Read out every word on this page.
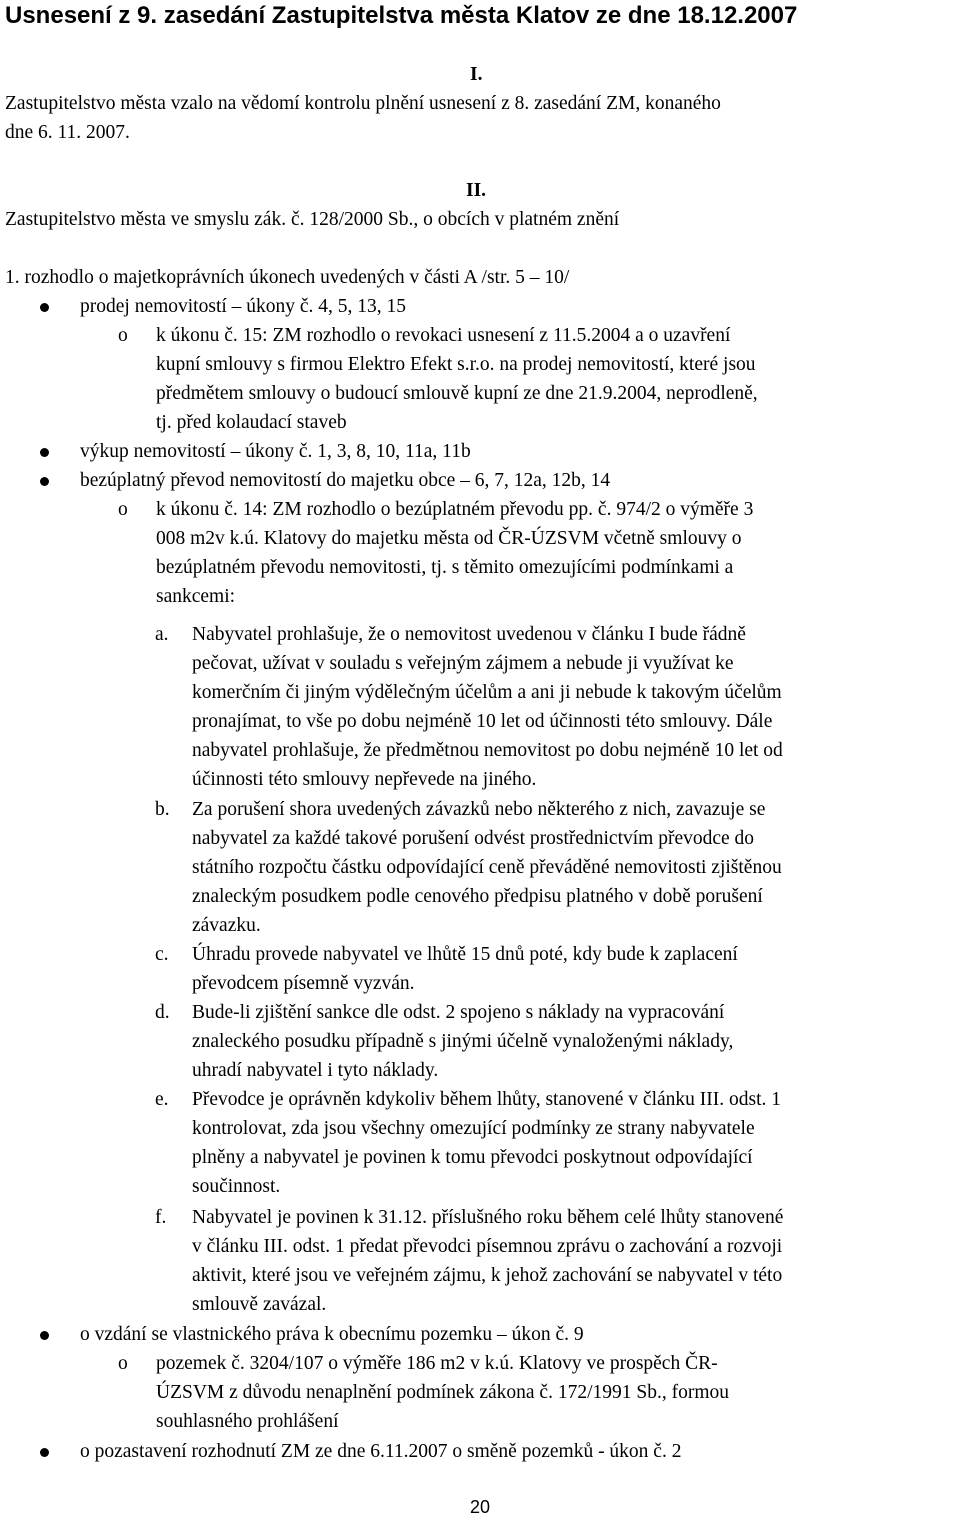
Usnesení z 9. zasedání Zastupitelstva města Klatov ze dne 18.12.2007
I.
Zastupitelstvo města vzalo na vědomí kontrolu plnění usnesení z 8. zasedání ZM, konaného
dne 6. 11. 2007.
II.
Zastupitelstvo města ve smyslu zák. č. 128/2000 Sb., o obcích v platném znění
1. rozhodlo o majetkoprávních úkonech uvedených v části A /str. 5 – 10/
prodej nemovitostí – úkony č. 4, 5, 13, 15
o k úkonu č. 15: ZM rozhodlo o revokaci usnesení z 11.5.2004 a o uzavření
kupní smlouvy s firmou Elektro Efekt s.r.o. na prodej nemovitostí, které jsou
předmětem smlouvy o budoucí smlouvě kupní ze dne 21.9.2004, neprodleně,
tj. před kolaudací staveb
výkup nemovitostí – úkony č. 1, 3, 8, 10, 11a, 11b
bezúplatný převod nemovitostí do majetku obce – 6, 7, 12a, 12b, 14
o k úkonu č. 14: ZM rozhodlo o bezúplatném převodu pp. č. 974/2 o výměře 3
008 m2v k.ú. Klatovy do majetku města od ČR-ÚZSVM včetně smlouvy o
bezúplatném převodu nemovitosti, tj. s těmito omezujícími podmínkami a
sankcemi:
a. Nabyvatel prohlašuje, že o nemovitost uvedenou v článku I bude řádně
pečovat, užívat v souladu s veřejným zájmem a nebude ji využívat ke
komerčním či jiným výdělečným účelům a ani ji nebude k takovým účelům
pronajímat, to vše po dobu nejméně 10 let od účinnosti této smlouvy. Dále
nabyvatel prohlašuje, že předmětnou nemovitost po dobu nejméně 10 let od
účinnosti této smlouvy nepřevede na jiného.
b. Za porušení shora uvedených závazků nebo některého z nich, zavazuje se
nabyvatel za každé takové porušení odvést prostřednictvím převodce do
státního rozpočtu částku odpovídající ceně převáděné nemovitosti zjištěnou
znaleckým posudkem podle cenového předpisu platného v době porušení
závazku.
c. Úhradu provede nabyvatel ve lhůtě 15 dnů poté, kdy bude k zaplacení
převodcem písemně vyzván.
d. Bude-li zjištění sankce dle odst. 2 spojeno s náklady na vypracování
znaleckého posudku případně s jinými účelně vynaloženými náklady,
uhradí nabyvatel i tyto náklady.
e. Převodce je oprávněn kdykoliv během lhůty, stanovené v článku III. odst. 1
kontrolovat, zda jsou všechny omezující podmínky ze strany nabyvatele
plněny a nabyvatel je povinen k tomu převodci poskytnout odpovídající
součinnost.
f. Nabyvatel je povinen k 31.12. příslušného roku během celé lhůty stanovené
v článku III. odst. 1 předat převodci písemnou zprávu o zachování a rozvoji
aktivit, které jsou ve veřejném zájmu, k jehož zachování se nabyvatel v této
smlouvě zavázal.
o vzdání se vlastnického práva k obecnímu pozemku – úkon č. 9
o pozemek č. 3204/107 o výměře 186 m2 v k.ú. Klatovy ve prospěch ČR-
ÚZSVM z důvodu nenaplnění podmínek zákona č. 172/1991 Sb., formou
souhlasného prohlášení
o pozastavení rozhodnutí ZM ze dne 6.11.2007 o směně pozemků - úkon č. 2
20
